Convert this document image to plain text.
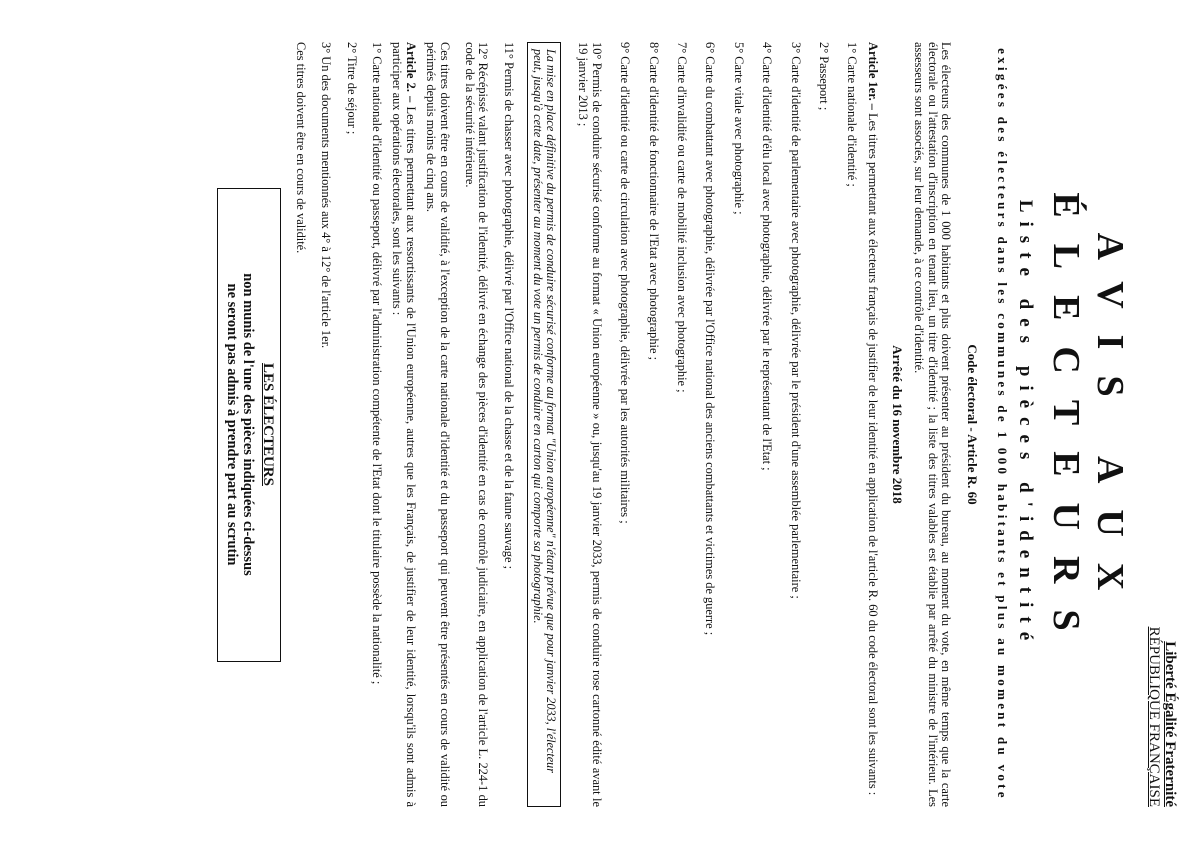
Liberté Égalité Fraternité
RÉPUBLIQUE FRANÇAISE
AVIS AUX ÉLECTEURS
Liste des pièces d'identité
exigées des électeurs dans les communes de 1 000 habitants et plus au moment du vote
Code électoral - Article R. 60

Les électeurs des communes de 1 000 habitants et plus doivent présenter au président du bureau, au moment du vote, en même temps que la carte électorale ou l'attestation d'inscription en tenant lieu, un titre d'identité ; la liste des titres valables est établie par arrêté du ministre de l'intérieur. Les assesseurs sont associés, sur leur demande, à ce contrôle d'identité.

Arrêté du 16 novembre 2018

Article 1er. – Les titres permettant aux électeurs français de justifier de leur identité en application de l'article R. 60 du code électoral sont les suivants :

1° Carte nationale d'identité ;

2° Passeport ;

3° Carte d'identité de parlementaire avec photographie, délivrée par le président d'une assemblée parlementaire ;

4° Carte d'identité d'élu local avec photographie, délivrée par le représentant de l'Etat ;

5° Carte vitale avec photographie ;

6° Carte du combattant avec photographie, délivrée par l'Office national des anciens combattants et victimes de guerre ;

7° Carte d'invalidité ou carte de mobilité inclusion avec photographie ;

8° Carte d'identité de fonctionnaire de l'Etat avec photographie ;

9° Carte d'identité ou carte de circulation avec photographie, délivrée par les autorités militaires ;

10° Permis de conduire sécurisé conforme au format « Union européenne » ou, jusqu'au 19 janvier 2033, permis de conduire rose cartonné édité avant le 19 janvier 2013 ;

La mise en place définitive du permis de conduire sécurisé conforme au format "Union européenne" n'étant prévue que pour janvier 2033, l'électeur peut, jusqu'à cette date, présenter au moment du vote un permis de conduire en carton qui comporte sa photographie.

11° Permis de chasser avec photographie, délivré par l'Office national de la chasse et de la faune sauvage ;

12° Récépissé valant justification de l'identité, délivré en échange des pièces d'identité en cas de contrôle judiciaire, en application de l'article L. 224-1 du code de la sécurité intérieure.

Ces titres doivent être en cours de validité, à l'exception de la carte nationale d'identité et du passeport qui peuvent être présentés en cours de validité ou périmés depuis moins de cinq ans.

Article 2. – Les titres permettant aux ressortissants de l'Union européenne, autres que les Français, de justifier de leur identité, lorsqu'ils sont admis à participer aux opérations électorales, sont les suivants :

1° Carte nationale d'identité ou passeport, délivré par l'administration compétente de l'Etat dont le titulaire possède la nationalité ;

2° Titre de séjour ;

3° Un des documents mentionnés aux 4° à 12° de l'article 1er.

Ces titres doivent être en cours de validité.

LES ÉLECTEURS
non munis de l'une des pièces indiquées ci-dessus
ne seront pas admis à prendre part au scrutin
